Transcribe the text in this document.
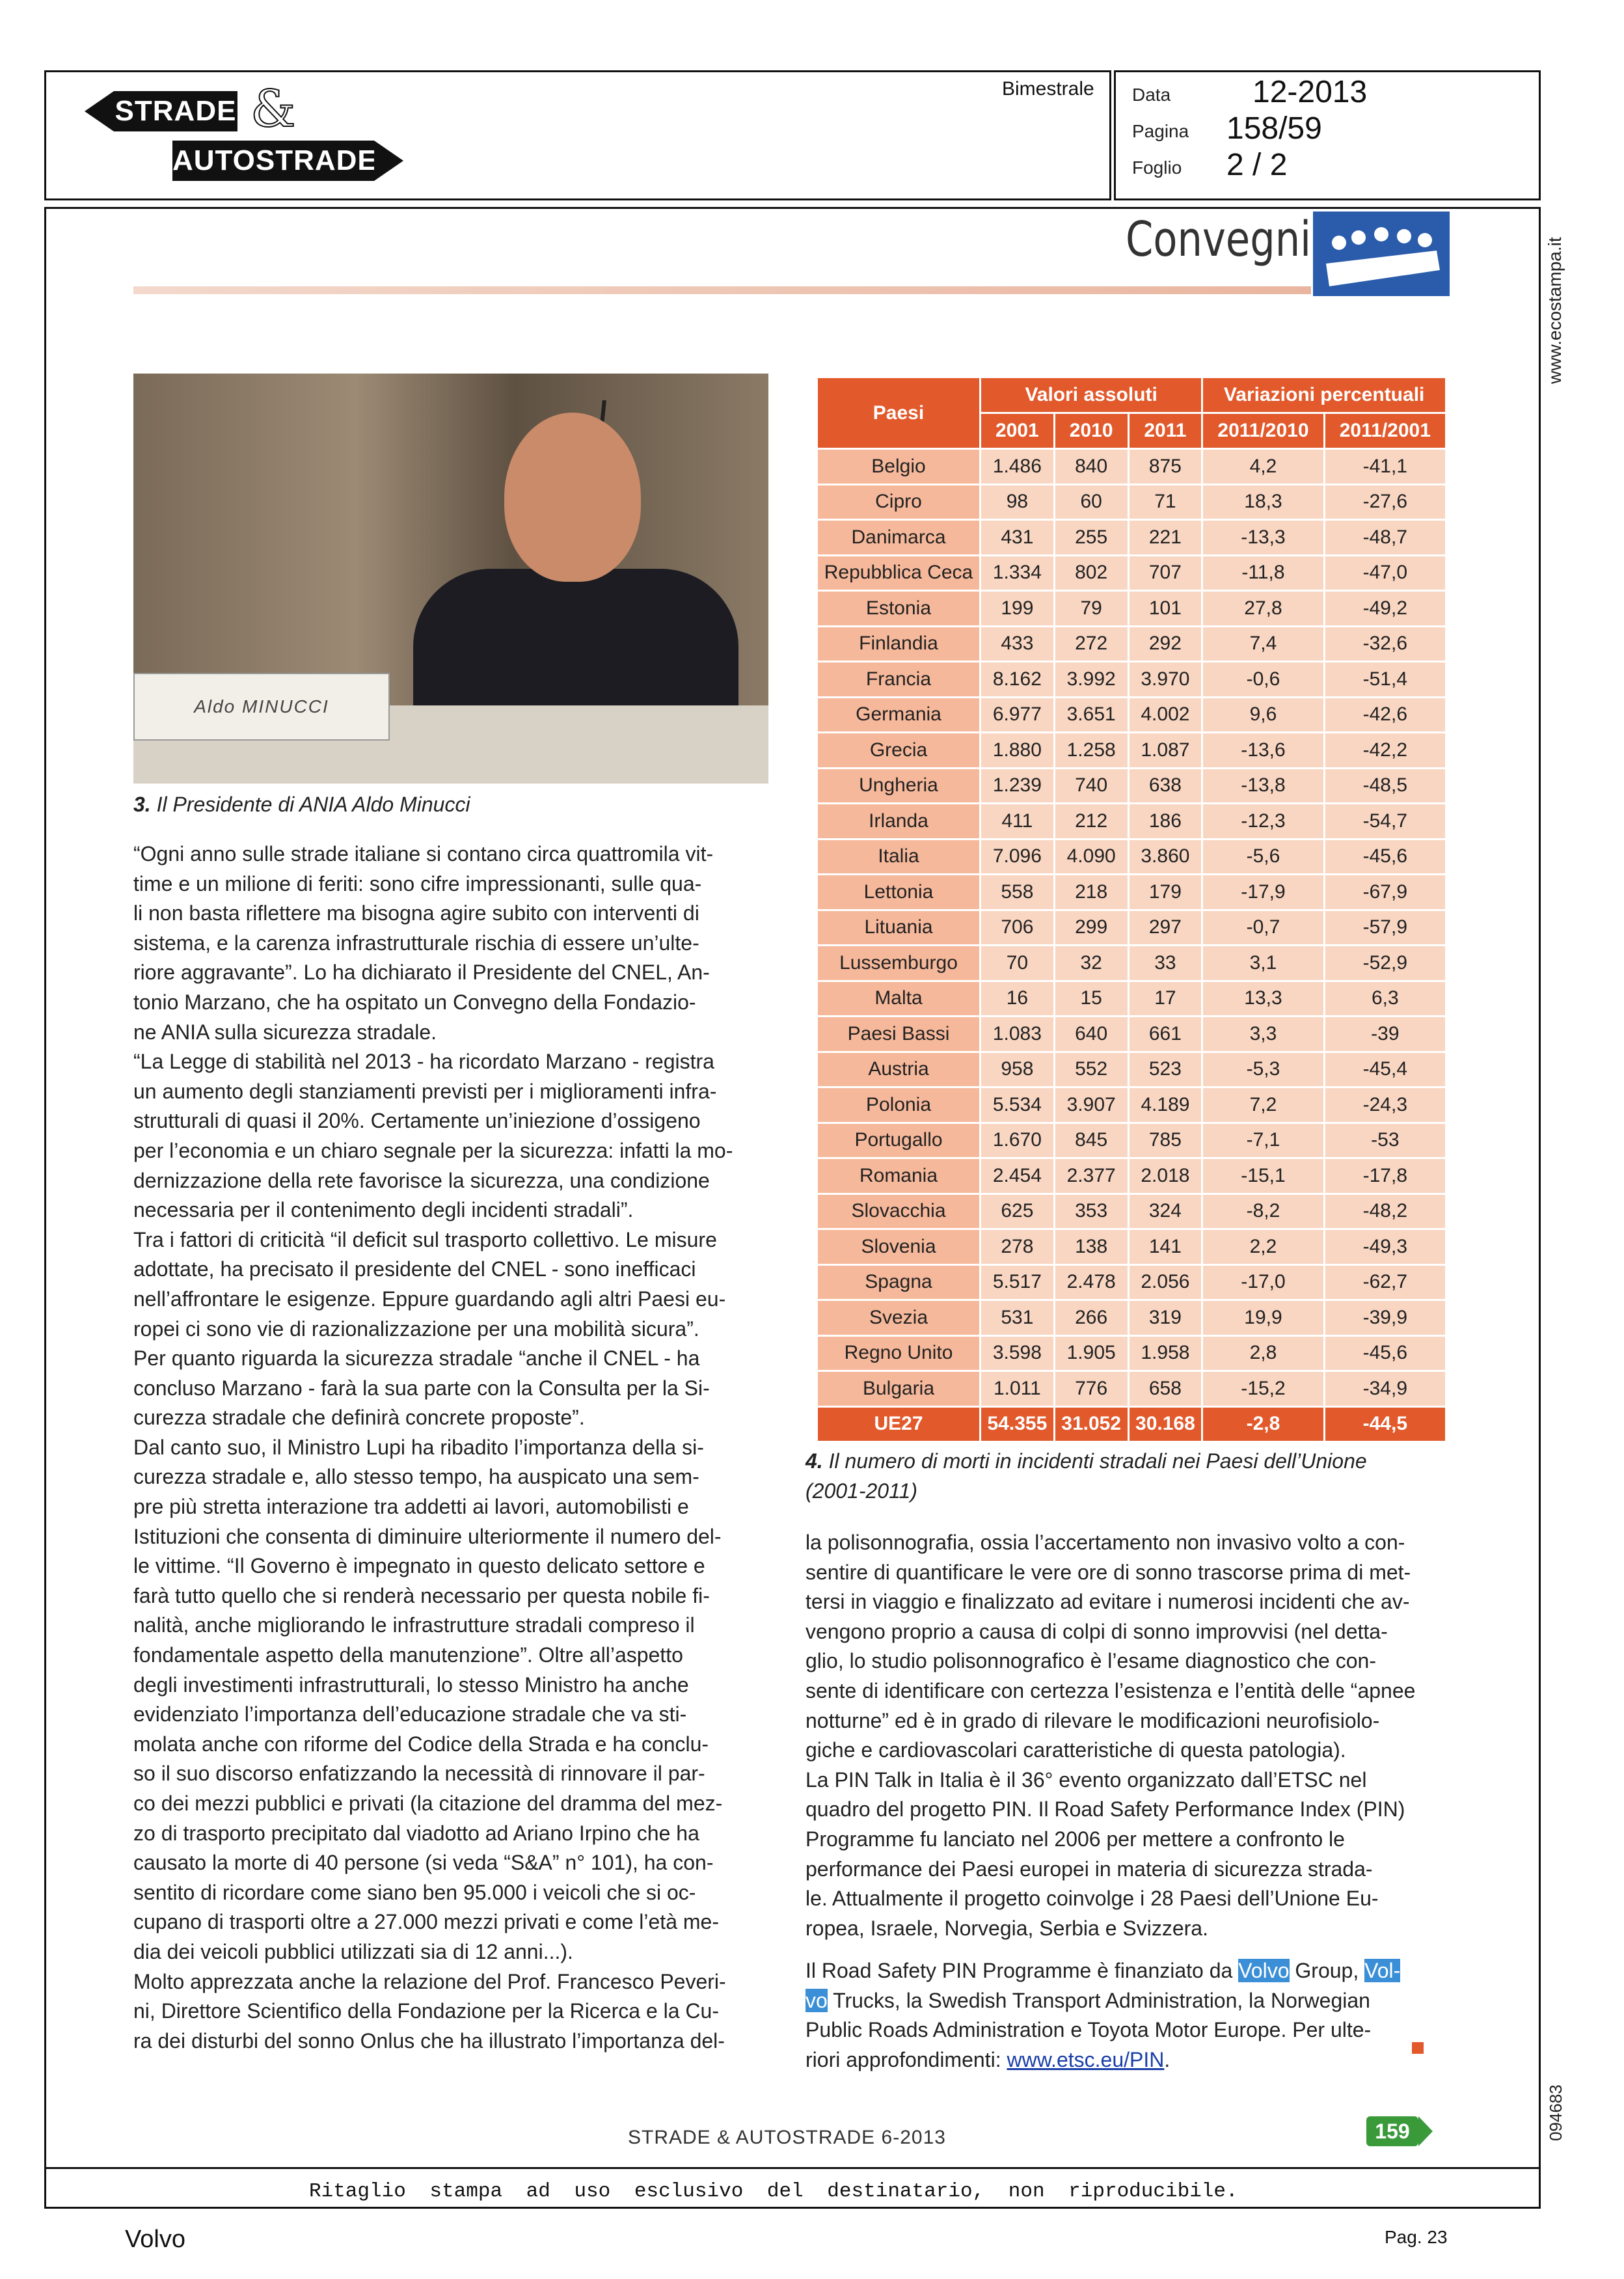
STRADE &
AUTOSTRADE
Bimestrale Data	12-2013
Pagina 158/59
Foglio 2 / 2
Convegni	www.ecostampa.it
094683
Aldo MINUCCI
3. Il Presidente di ANIA Aldo Minucci
“Ogni anno sulle strade italiane si contano circa quattromila vit-
time e un milione di feriti: sono cifre impressionanti, sulle qua-
li non basta riflettere ma bisogna agire subito con interventi di
sistema, e la carenza infrastrutturale rischia di essere un’ulte-
riore aggravante”. Lo ha dichiarato il Presidente del CNEL, An-
tonio Marzano, che ha ospitato un Convegno della Fondazio-
ne ANIA sulla sicurezza stradale.
“La Legge di stabilità nel 2013 - ha ricordato Marzano - registra
un aumento degli stanziamenti previsti per i miglioramenti infra-
strutturali di quasi il 20%. Certamente un’iniezione d’ossigeno
per l’economia e un chiaro segnale per la sicurezza: infatti la mo-
dernizzazione della rete favorisce la sicurezza, una condizione
necessaria per il contenimento degli incidenti stradali”.
Tra i fattori di criticità “il deficit sul trasporto collettivo. Le misure
adottate, ha precisato il presidente del CNEL - sono inefficaci
nell’affrontare le esigenze. Eppure guardando agli altri Paesi eu-
ropei ci sono vie di razionalizzazione per una mobilità sicura”.
Per quanto riguarda la sicurezza stradale “anche il CNEL - ha
concluso Marzano - farà la sua parte con la Consulta per la Si-
curezza stradale che definirà concrete proposte”.
Dal canto suo, il Ministro Lupi ha ribadito l’importanza della si-
curezza stradale e, allo stesso tempo, ha auspicato una sem-
pre più stretta interazione tra addetti ai lavori, automobilisti e
Istituzioni che consenta di diminuire ulteriormente il numero del-
le vittime. “Il Governo è impegnato in questo delicato settore e
farà tutto quello che si renderà necessario per questa nobile fi-
nalità, anche migliorando le infrastrutture stradali compreso il
fondamentale aspetto della manutenzione”. Oltre all’aspetto
degli investimenti infrastrutturali, lo stesso Ministro ha anche
evidenziato l’importanza dell’educazione stradale che va sti-
molata anche con riforme del Codice della Strada e ha conclu-
so il suo discorso enfatizzando la necessità di rinnovare il par-
co dei mezzi pubblici e privati (la citazione del dramma del mez-
zo di trasporto precipitato dal viadotto ad Ariano Irpino che ha
causato la morte di 40 persone (si veda “S&A” n° 101), ha con-
sentito di ricordare come siano ben 95.000 i veicoli che si oc-
cupano di trasporti oltre a 27.000 mezzi privati e come l’età me-
dia dei veicoli pubblici utilizzati sia di 12 anni...).
Molto apprezzata anche la relazione del Prof. Francesco Peveri-
ni, Direttore Scientifico della Fondazione per la Ricerca e la Cu-
ra dei disturbi del sonno Onlus che ha illustrato l’importanza del-
Paesi	Valori assoluti			Variazioni percentuali	
	2001	2010	2011	2011/2010	2011/2001
Belgio	1.486	840	875	4,2	-41,1
Cipro	98	60	71	18,3	-27,6
Danimarca	431	255	221	-13,3	-48,7
Repubblica Ceca	1.334	802	707	-11,8	-47,0
Estonia	199	79	101	27,8	-49,2
Finlandia	433	272	292	7,4	-32,6
Francia	8.162	3.992	3.970	-0,6	-51,4
Germania	6.977	3.651	4.002	9,6	-42,6
Grecia	1.880	1.258	1.087	-13,6	-42,2
Ungheria	1.239	740	638	-13,8	-48,5
Irlanda	411	212	186	-12,3	-54,7
Italia	7.096	4.090	3.860	-5,6	-45,6
Lettonia	558	218	179	-17,9	-67,9
Lituania	706	299	297	-0,7	-57,9
Lussemburgo	70	32	33	3,1	-52,9
Malta	16	15	17	13,3	6,3
Paesi Bassi	1.083	640	661	3,3	-39
Austria	958	552	523	-5,3	-45,4
Polonia	5.534	3.907	4.189	7,2	-24,3
Portugallo	1.670	845	785	-7,1	-53
Romania	2.454	2.377	2.018	-15,1	-17,8
Slovacchia	625	353	324	-8,2	-48,2
Slovenia	278	138	141	2,2	-49,3
Spagna	5.517	2.478	2.056	-17,0	-62,7
Svezia	531	266	319	19,9	-39,9
Regno Unito	3.598	1.905	1.958	2,8	-45,6
Bulgaria	1.011	776	658	-15,2	-34,9
UE27	54.355	31.052	30.168	-2,8	-44,5
4. Il numero di morti in incidenti stradali nei Paesi dell’Unione
(2001-2011)
la polisonnografia, ossia l’accertamento non invasivo volto a con-
sentire di quantificare le vere ore di sonno trascorse prima di met-
tersi in viaggio e finalizzato ad evitare i numerosi incidenti che av-
vengono proprio a causa di colpi di sonno improvvisi (nel detta-
glio, lo studio polisonnografico è l’esame diagnostico che con-
sente di identificare con certezza l’esistenza e l’entità delle “apnee
notturne” ed è in grado di rilevare le modificazioni neurofisiolo-
giche e cardiovascolari caratteristiche di questa patologia).
La PIN Talk in Italia è il 36° evento organizzato dall’ETSC nel
quadro del progetto PIN. Il Road Safety Performance Index (PIN)
Programme fu lanciato nel 2006 per mettere a confronto le
performance dei Paesi europei in materia di sicurezza strada-
le. Attualmente il progetto coinvolge i 28 Paesi dell’Unione Eu-
ropea, Israele, Norvegia, Serbia e Svizzera.
Il Road Safety PIN Programme è finanziato da Volvo Group, Vol-
vo Trucks, la Swedish Transport Administration, la Norwegian
Public Roads Administration e Toyota Motor Europe. Per ulte-
riori approfondimenti: www.etsc.eu/PIN.
STRADE & AUTOSTRADE 6-2013	159
Ritaglio stampa ad uso esclusivo del destinatario, non riproducibile.
Volvo	Pag. 23
